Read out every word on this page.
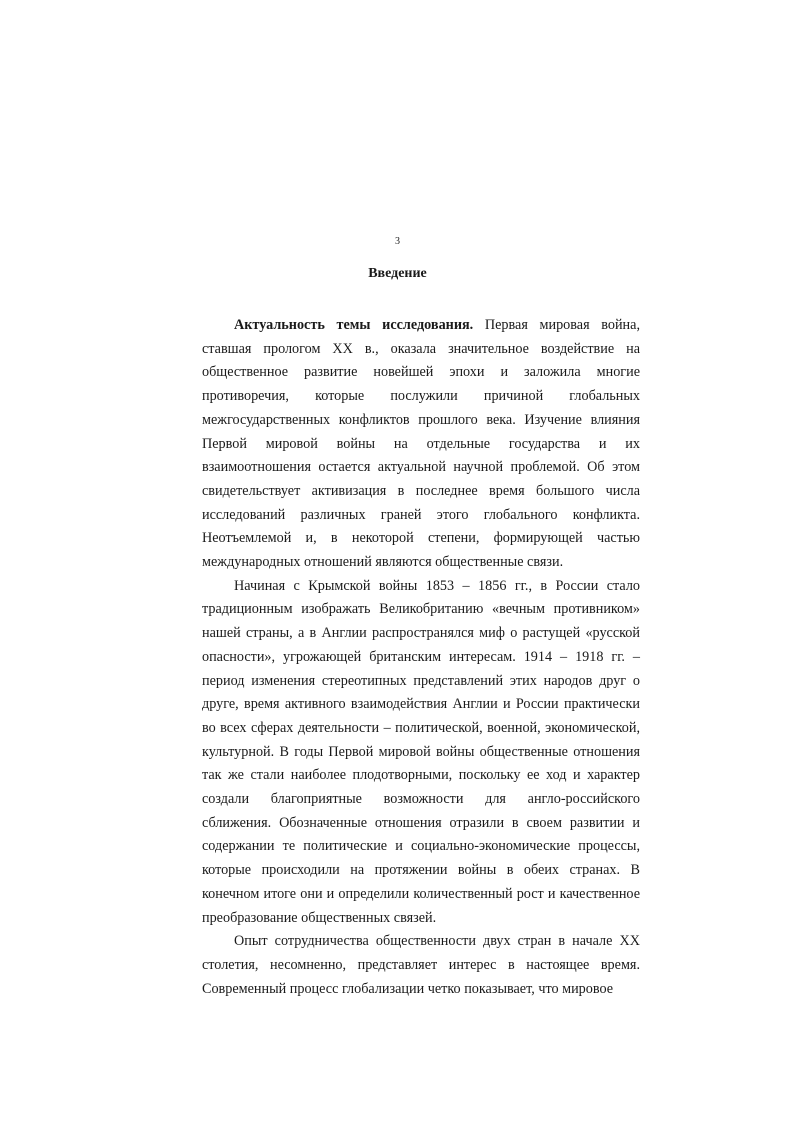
3
Введение

Актуальность темы исследования. Первая мировая война, ставшая прологом XX в., оказала значительное воздействие на общественное развитие новейшей эпохи и заложила многие противоречия, которые послужили причиной глобальных межгосударственных конфликтов прошлого века. Изучение влияния Первой мировой войны на отдельные государства и их взаимоотношения остается актуальной научной проблемой. Об этом свидетельствует активизация в последнее время большого числа исследований различных граней этого глобального конфликта. Неотъемлемой и, в некоторой степени, формирующей частью международных отношений являются общественные связи.

Начиная с Крымской войны 1853 – 1856 гг., в России стало традиционным изображать Великобританию «вечным противником» нашей страны, а в Англии распространялся миф о растущей «русской опасности», угрожающей британским интересам. 1914 – 1918 гг. – период изменения стереотипных представлений этих народов друг о друге, время активного взаимодействия Англии и России практически во всех сферах деятельности – политической, военной, экономической, культурной. В годы Первой мировой войны общественные отношения так же стали наиболее плодотворными, поскольку ее ход и характер создали благоприятные возможности для англо-российского сближения. Обозначенные отношения отразили в своем развитии и содержании те политические и социально-экономические процессы, которые происходили на протяжении войны в обеих странах. В конечном итоге они и определили количественный рост и качественное преобразование общественных связей.

Опыт сотрудничества общественности двух стран в начале XX столетия, несомненно, представляет интерес в настоящее время. Современный процесс глобализации четко показывает, что мировое
